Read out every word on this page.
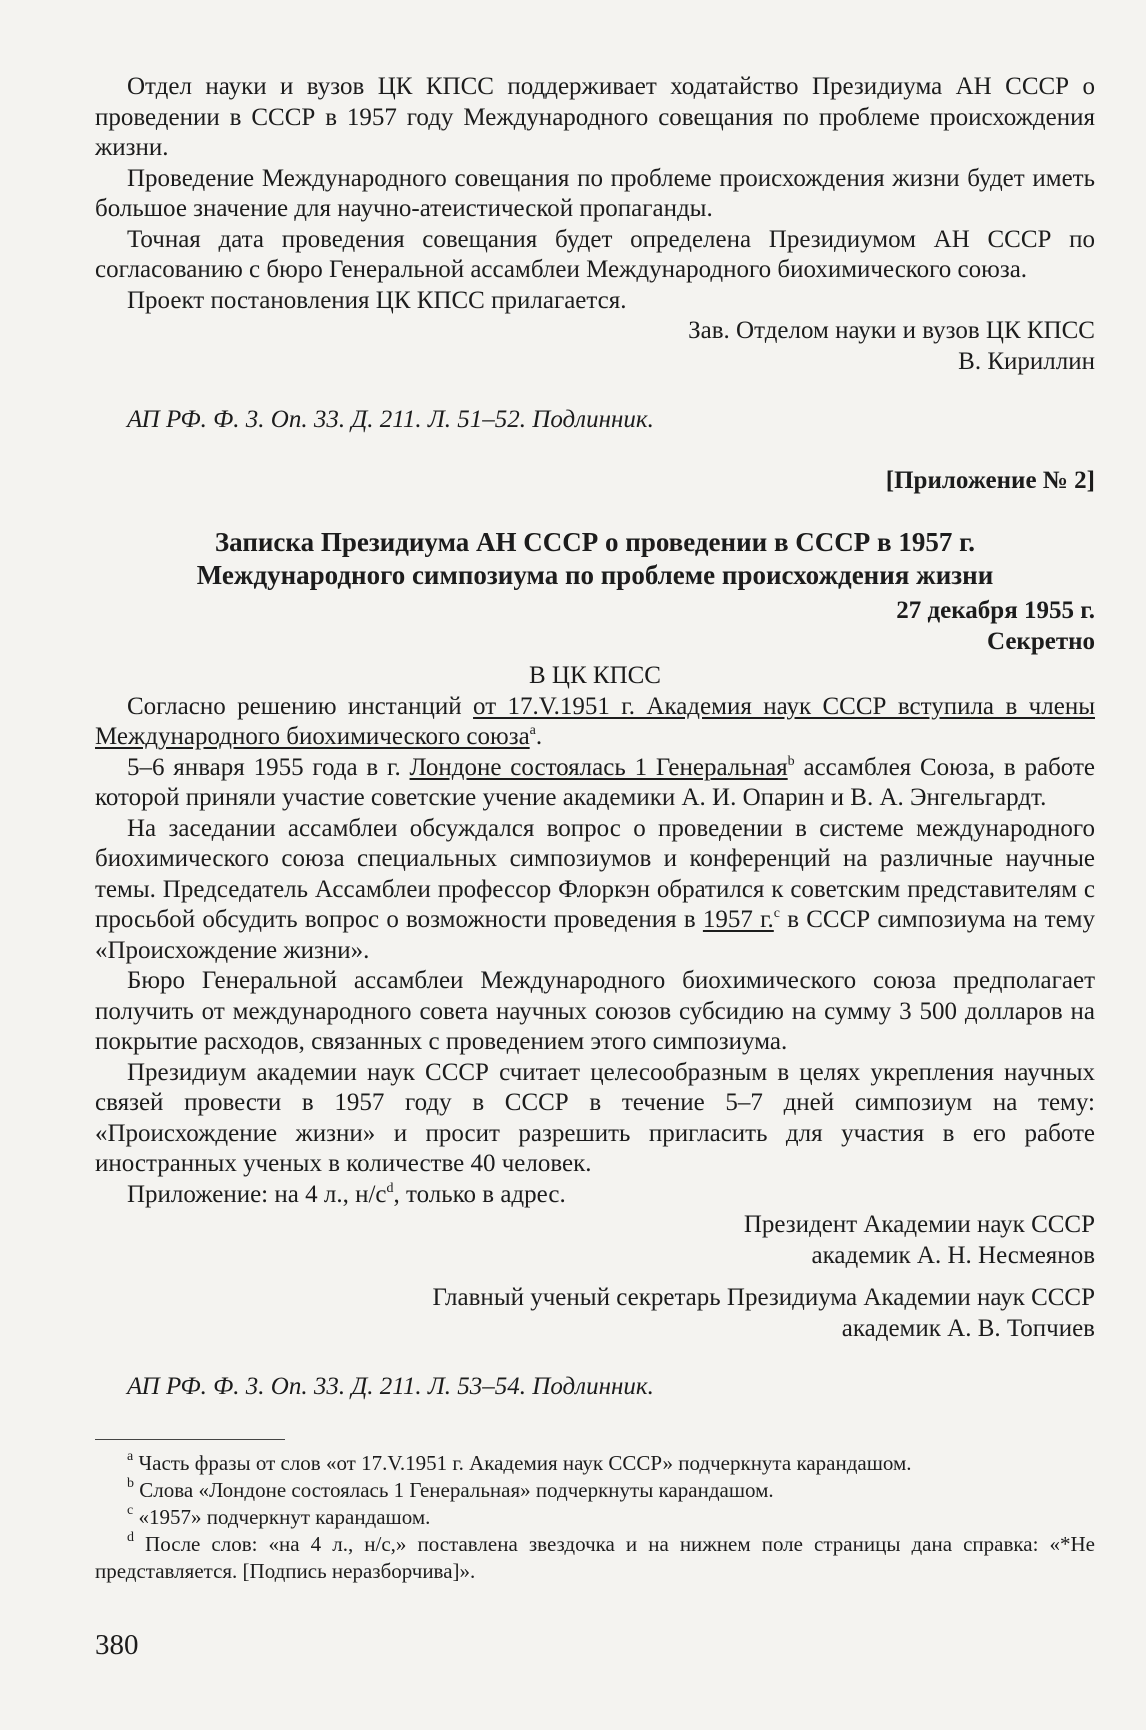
Отдел науки и вузов ЦК КПСС поддерживает ходатайство Президиума АН СССР о проведении в СССР в 1957 году Международного совещания по проблеме происхождения жизни.

Проведение Международного совещания по проблеме происхождения жизни будет иметь большое значение для научно-атеистической пропаганды.

Точная дата проведения совещания будет определена Президиумом АН СССР по согласованию с бюро Генеральной ассамблеи Международного биохимического союза.

Проект постановления ЦК КПСС прилагается.

Зав. Отделом науки и вузов ЦК КПСС

В. Кириллин

АП РФ. Ф. 3. Оп. 33. Д. 211. Л. 51–52. Подлинник.

[Приложение № 2]

Записка Президиума АН СССР о проведении в СССР в 1957 г.
Международного симпозиума по проблеме происхождения жизни

27 декабря 1955 г.

Секретно

В ЦК КПСС

Согласно решению инстанций от 17.V.1951 г. Академия наук СССР вступила в члены Международного биохимического союза$^a$.

5–6 января 1955 года в г. Лондоне состоялась 1 Генеральная$^b$ ассамблея Союза, в работе которой приняли участие советские учение академики А. И. Опарин и В. А. Энгельгардт.

На заседании ассамблеи обсуждался вопрос о проведении в системе международного биохимического союза специальных симпозиумов и конференций на различные научные темы. Председатель Ассамблеи профессор Флоркэн обратился к советским представителям с просьбой обсудить вопрос о возможности проведения в 1957 г.$^c$ в СССР симпозиума на тему «Происхождение жизни».

Бюро Генеральной ассамблеи Международного биохимического союза предполагает получить от международного совета научных союзов субсидию на сумму 3 500 долларов на покрытие расходов, связанных с проведением этого симпозиума.

Президиум академии наук СССР считает целесообразным в целях укрепления научных связей провести в 1957 году в СССР в течение 5–7 дней симпозиум на тему: «Происхождение жизни» и просит разрешить пригласить для участия в его работе иностранных ученых в количестве 40 человек.

Приложение: на 4 л., $н/с^d$, только в адрес.

Президент Академии наук СССР

академик А. Н. Несмеянов

Главный ученый секретарь Президиума Академии наук СССР

академик А. В. Топчиев

АП РФ. Ф. 3. Оп. 33. Д. 211. Л. 53–54. Подлинник.

$^a$ Часть фразы от слов «от 17.V.1951 г. Академия наук СССР» подчеркнута карандашом.

$^b$ Слова «Лондоне состоялась 1 Генеральная» подчеркнуты карандашом.

$^c$ «1957» подчеркнут карандашом.

$^d$ После слов: «на 4 л., н/с,» поставлена звездочка и на нижнем поле страницы дана справка: «*Не представляется. [Подпись неразборчива]».

380
